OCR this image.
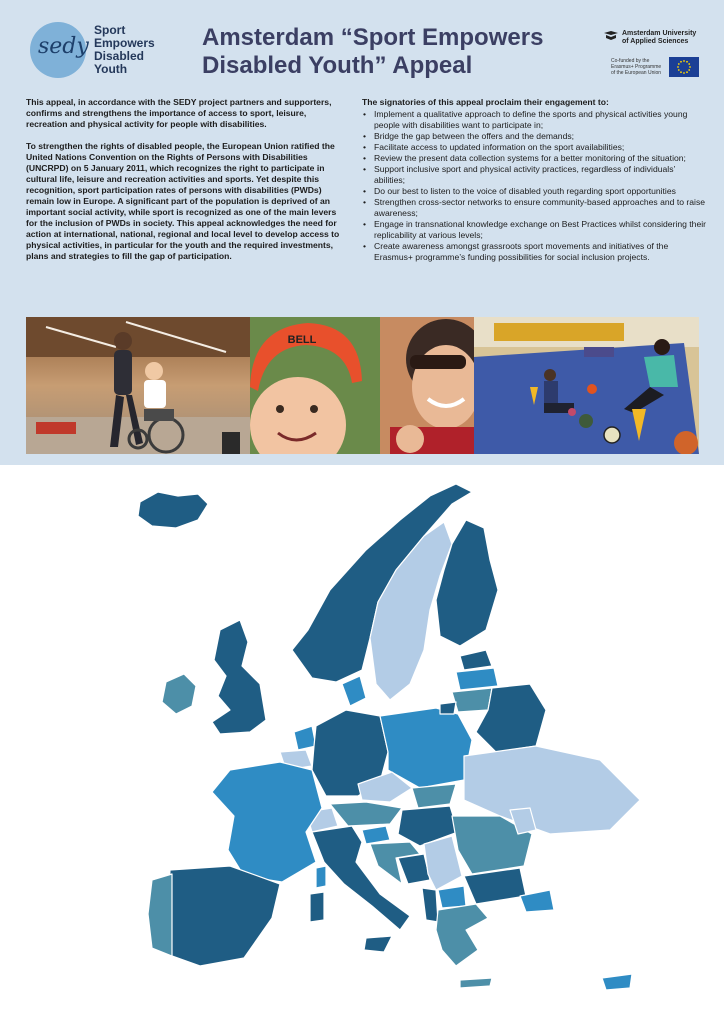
sedy
Sport
Empowers
Disabled
Youth
Amsterdam “Sport Empowers
Disabled Youth” Appeal
Amsterdam University
of Applied Sciences
Co-funded by the
Erasmus+ Programme
of the European Union

This appeal, in accordance with the SEDY project partners and supporters, confirms and strengthens the importance of access to sport, leisure, recreation and physical activity for people with disabilities.

To strengthen the rights of disabled people, the European Union ratified the United Nations Convention on the Rights of Persons with Disabilities (UNCRPD) on 5 January 2011, which recognizes the right to participate in cultural life, leisure and recreation activities and sports. Yet despite this recognition, sport participation rates of persons with disabilities (PWDs) remain low in Europe. A significant part of the population is deprived of an important social activity, while sport is recognized as one of the main levers for the inclusion of PWDs in society. This appeal acknowledges the need for action at international, national, regional and local level to develop access to physical activities, in particular for the youth and the required investments, plans and strategies to fill the gap of participation.

The signatories of this appeal proclaim their engagement to:
• Implement a qualitative approach to define the sports and physical activities young people with disabilities want to participate in;
• Bridge the gap between the offers and the demands;
• Facilitate access to updated information on the sport availabilities;
• Review the present data collection systems for a better monitoring of the situation;
• Support inclusive sport and physical activity practices, regardless of individuals’ abilities;
• Do our best to listen to the voice of disabled youth regarding sport opportunities
• Strengthen cross-sector networks to ensure community-based approaches and to raise awareness;
• Engage in transnational knowledge exchange on Best Practices whilst considering their replicability at various levels;
• Create awareness amongst grassroots sport movements and initiatives of the Erasmus+ programme’s funding possibilities for social inclusion projects.
BELL
